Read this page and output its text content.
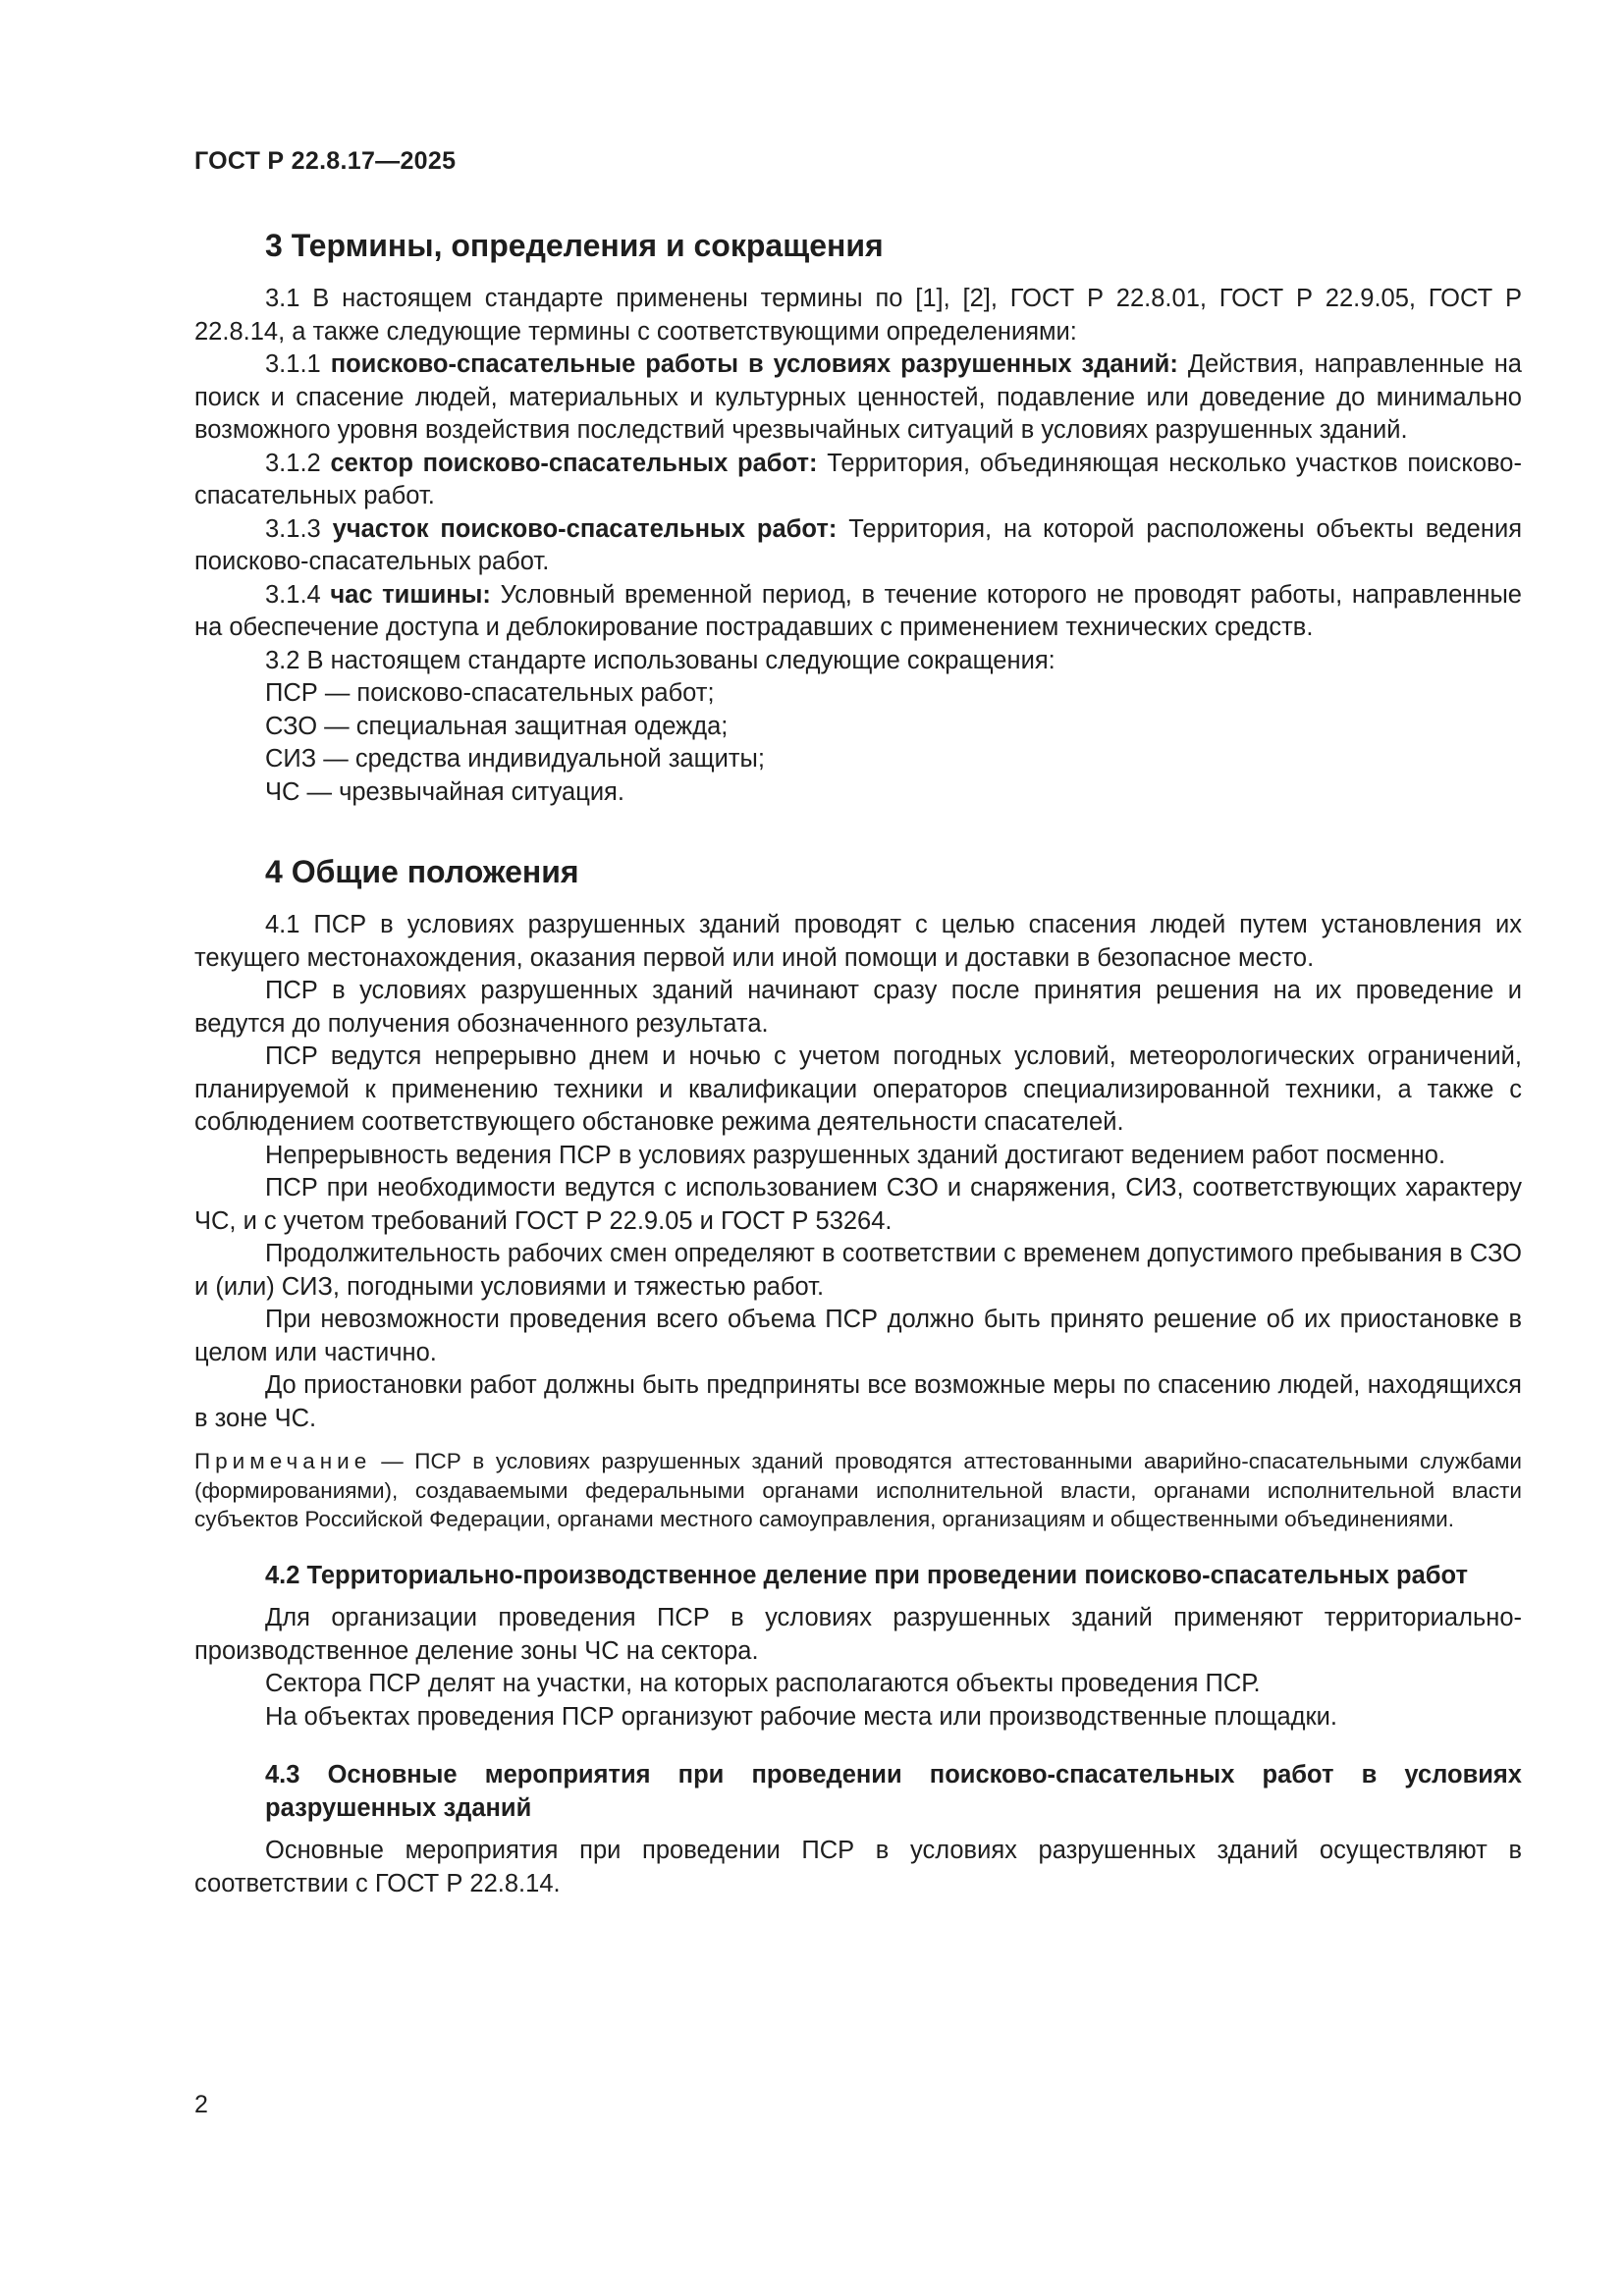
ГОСТ Р 22.8.17—2025
3 Термины, определения и сокращения

3.1 В настоящем стандарте применены термины по [1], [2], ГОСТ Р 22.8.01, ГОСТ Р 22.9.05, ГОСТ Р 22.8.14, а также следующие термины с соответствующими определениями:

3.1.1 поисково-спасательные работы в условиях разрушенных зданий: Действия, направленные на поиск и спасение людей, материальных и культурных ценностей, подавление или доведение до минимально возможного уровня воздействия последствий чрезвычайных ситуаций в условиях разрушенных зданий.

3.1.2 сектор поисково-спасательных работ: Территория, объединяющая несколько участков поисково-спасательных работ.

3.1.3 участок поисково-спасательных работ: Территория, на которой расположены объекты ведения поисково-спасательных работ.

3.1.4 час тишины: Условный временной период, в течение которого не проводят работы, направленные на обеспечение доступа и деблокирование пострадавших с применением технических средств.

3.2 В настоящем стандарте использованы следующие сокращения:

ПСР — поисково-спасательных работ;

СЗО — специальная защитная одежда;

СИЗ — средства индивидуальной защиты;

ЧС — чрезвычайная ситуация.

4 Общие положения

4.1 ПСР в условиях разрушенных зданий проводят с целью спасения людей путем установления их текущего местонахождения, оказания первой или иной помощи и доставки в безопасное место.

ПСР в условиях разрушенных зданий начинают сразу после принятия решения на их проведение и ведутся до получения обозначенного результата.

ПСР ведутся непрерывно днем и ночью с учетом погодных условий, метеорологических ограничений, планируемой к применению техники и квалификации операторов специализированной техники, а также с соблюдением соответствующего обстановке режима деятельности спасателей.

Непрерывность ведения ПСР в условиях разрушенных зданий достигают ведением работ посменно.

ПСР при необходимости ведутся с использованием СЗО и снаряжения, СИЗ, соответствующих характеру ЧС, и с учетом требований ГОСТ Р 22.9.05 и ГОСТ Р 53264.

Продолжительность рабочих смен определяют в соответствии с временем допустимого пребывания в СЗО и (или) СИЗ, погодными условиями и тяжестью работ.

При невозможности проведения всего объема ПСР должно быть принято решение об их приостановке в целом или частично.

До приостановки работ должны быть предприняты все возможные меры по спасению людей, находящихся в зоне ЧС.

Примечание — ПСР в условиях разрушенных зданий проводятся аттестованными аварийно-спасательными службами (формированиями), создаваемыми федеральными органами исполнительной власти, органами исполнительной власти субъектов Российской Федерации, органами местного самоуправления, организациям и общественными объединениями.

4.2 Территориально-производственное деление при проведении поисково-спасательных работ

Для организации проведения ПСР в условиях разрушенных зданий применяют территориально-производственное деление зоны ЧС на сектора.

Сектора ПСР делят на участки, на которых располагаются объекты проведения ПСР.

На объектах проведения ПСР организуют рабочие места или производственные площадки.

4.3 Основные мероприятия при проведении поисково-спасательных работ в условиях разрушенных зданий

Основные мероприятия при проведении ПСР в условиях разрушенных зданий осуществляют в соответствии с ГОСТ Р 22.8.14.

2
